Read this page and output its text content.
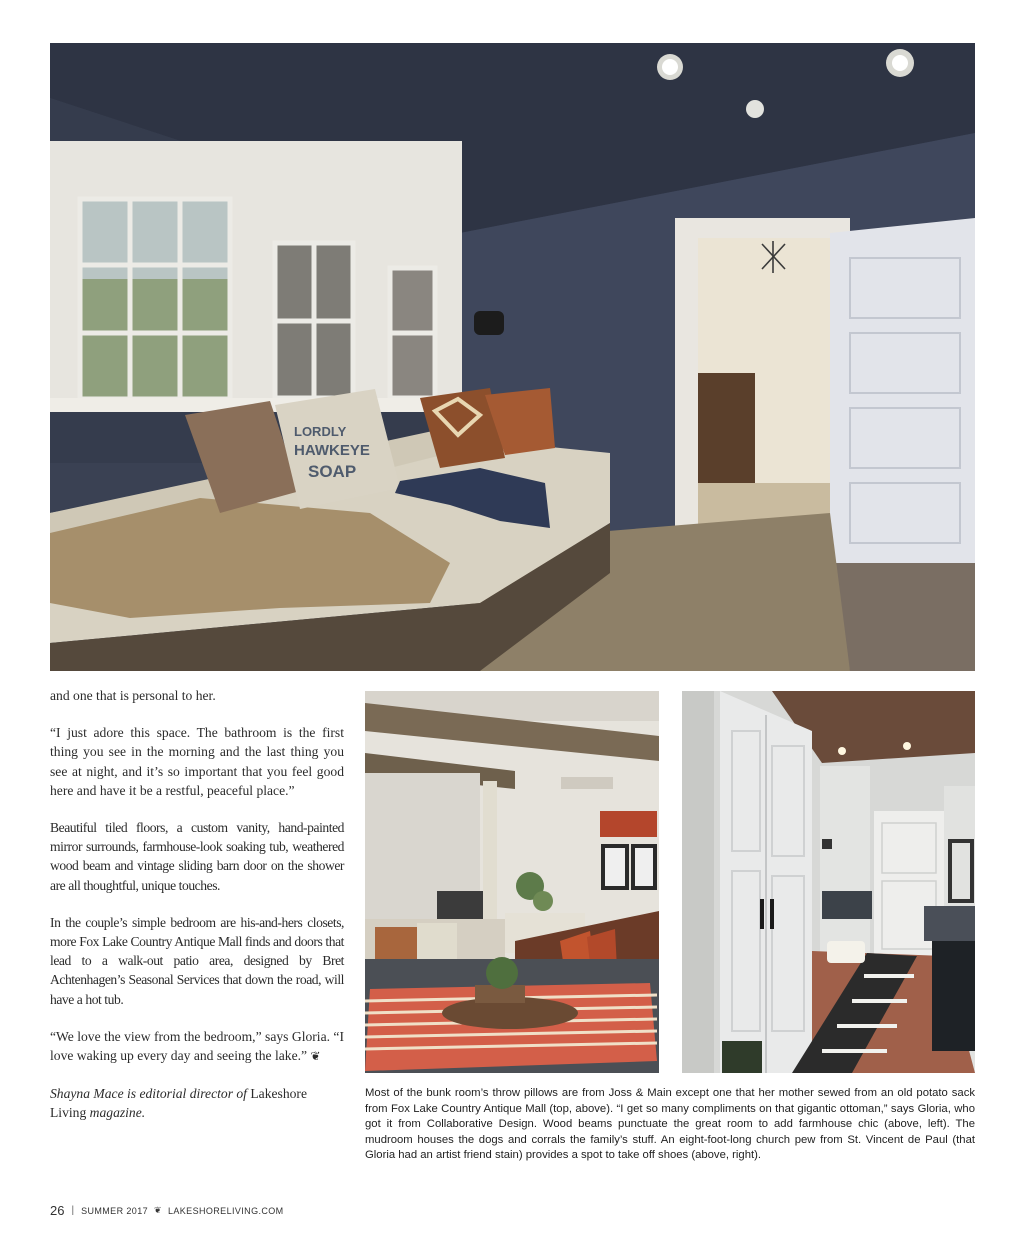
LORDLY
HAWKEYE
SOAP

and one that is personal to her.

“I just adore this space. The bathroom is the first thing you see in the morning and the last thing you see at night, and it’s so important that you feel good here and have it be a restful, peaceful place.”

Beautiful tiled floors, a custom vanity, hand-painted mirror surrounds, farmhouse-look soaking tub, weathered wood beam and vintage sliding barn door on the shower are all thoughtful, unique touches.

In the couple’s simple bedroom are his-and-hers closets, more Fox Lake Country Antique Mall finds and doors that lead to a walk-out patio area, designed by Bret Achtenhagen’s Seasonal Services that down the road, will have a hot tub.

“We love the view from the bedroom,” says Gloria. “I love waking up every day and seeing the lake.” ❦

Shayna Mace is editorial director of Lakeshore Living magazine.

Most of the bunk room’s throw pillows are from Joss & Main except one that her mother sewed from an old potato sack from Fox Lake Country Antique Mall (top, above). “I get so many compliments on that gigantic ottoman,” says Gloria, who got it from Collaborative Design. Wood beams punctuate the great room to add farmhouse chic (above, left). The mudroom houses the dogs and corrals the family’s stuff. An eight-foot-long church pew from St. Vincent de Paul (that Gloria had an artist friend stain) provides a spot to take off shoes (above, right).

26 | SUMMER 2017 ❦ LAKESHORELIVING.COM
